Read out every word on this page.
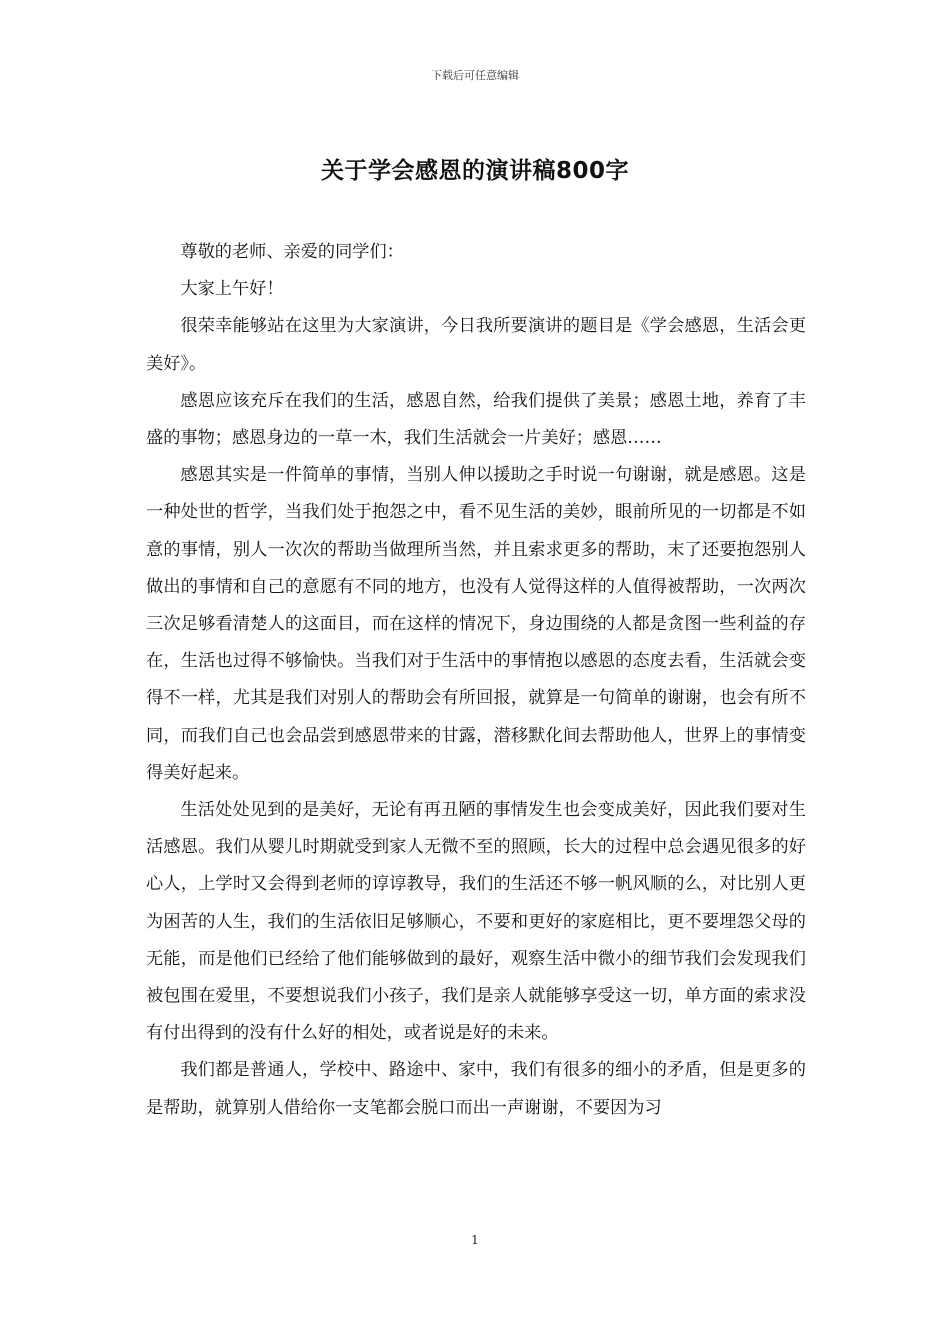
下载后可任意编辑
关于学会感恩的演讲稿800字

尊敬的老师、亲爱的同学们：

大家上午好！

很荣幸能够站在这里为大家演讲，今日我所要演讲的题目是《学会感恩，生活会更美好》。

感恩应该充斥在我们的生活，感恩自然，给我们提供了美景；感恩土地，养育了丰盛的事物；感恩身边的一草一木，我们生活就会一片美好；感恩……

感恩其实是一件简单的事情，当别人伸以援助之手时说一句谢谢，就是感恩。这是一种处世的哲学，当我们处于抱怨之中，看不见生活的美妙，眼前所见的一切都是不如意的事情，别人一次次的帮助当做理所当然，并且索求更多的帮助，末了还要抱怨别人做出的事情和自己的意愿有不同的地方，也没有人觉得这样的人值得被帮助，一次两次三次足够看清楚人的这面目，而在这样的情况下，身边围绕的人都是贪图一些利益的存在，生活也过得不够愉快。当我们对于生活中的事情抱以感恩的态度去看，生活就会变得不一样，尤其是我们对别人的帮助会有所回报，就算是一句简单的谢谢，也会有所不同，而我们自己也会品尝到感恩带来的甘露，潜移默化间去帮助他人，世界上的事情变得美好起来。

生活处处见到的是美好，无论有再丑陋的事情发生也会变成美好，因此我们要对生活感恩。我们从婴儿时期就受到家人无微不至的照顾，长大的过程中总会遇见很多的好心人，上学时又会得到老师的谆谆教导，我们的生活还不够一帆风顺的么，对比别人更为困苦的人生，我们的生活依旧足够顺心，不要和更好的家庭相比，更不要埋怨父母的无能，而是他们已经给了他们能够做到的最好，观察生活中微小的细节我们会发现我们被包围在爱里，不要想说我们小孩子，我们是亲人就能够享受这一切，单方面的索求没有付出得到的没有什么好的相处，或者说是好的未来。

我们都是普通人，学校中、路途中、家中，我们有很多的细小的矛盾，但是更多的是帮助，就算别人借给你一支笔都会脱口而出一声谢谢，不要因为习

1
